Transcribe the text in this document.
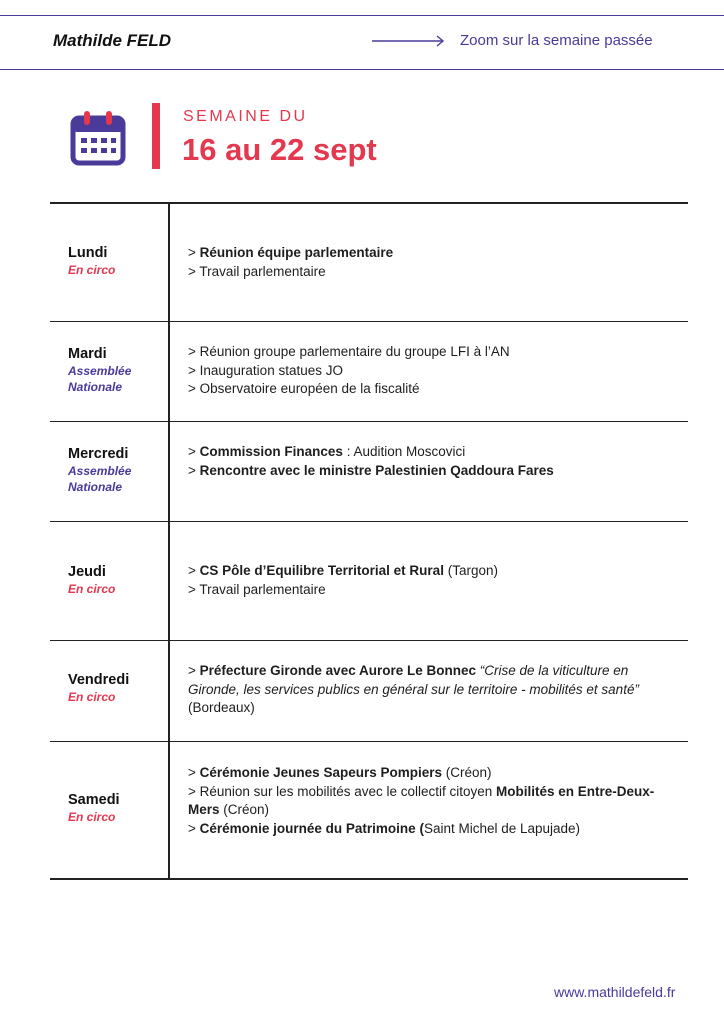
Mathilde FELD	Zoom sur la semaine passée
SEMAINE DU
16 au 22 sept
Lundi
En circo
> Réunion équipe parlementaire
> Travail parlementaire
Mardi
Assemblée
Nationale
> Réunion groupe parlementaire du groupe LFI à l’AN
> Inauguration statues JO
> Observatoire européen de la fiscalité
Mercredi
Assemblée
Nationale
> Commission Finances : Audition Moscovici
> Rencontre avec le ministre Palestinien Qaddoura Fares
Jeudi
En circo
> CS Pôle d’Equilibre Territorial et Rural (Targon)
> Travail parlementaire
Vendredi
En circo
> Préfecture Gironde avec Aurore Le Bonnec “Crise de la viticulture en Gironde, les services publics en général sur le territoire - mobilités et santé” (Bordeaux)
Samedi
En circo
> Cérémonie Jeunes Sapeurs Pompiers (Créon)
> Réunion sur les mobilités avec le collectif citoyen Mobilités en Entre-Deux-Mers (Créon)
> Cérémonie journée du Patrimoine (Saint Michel de Lapujade)
www.mathildefeld.fr
